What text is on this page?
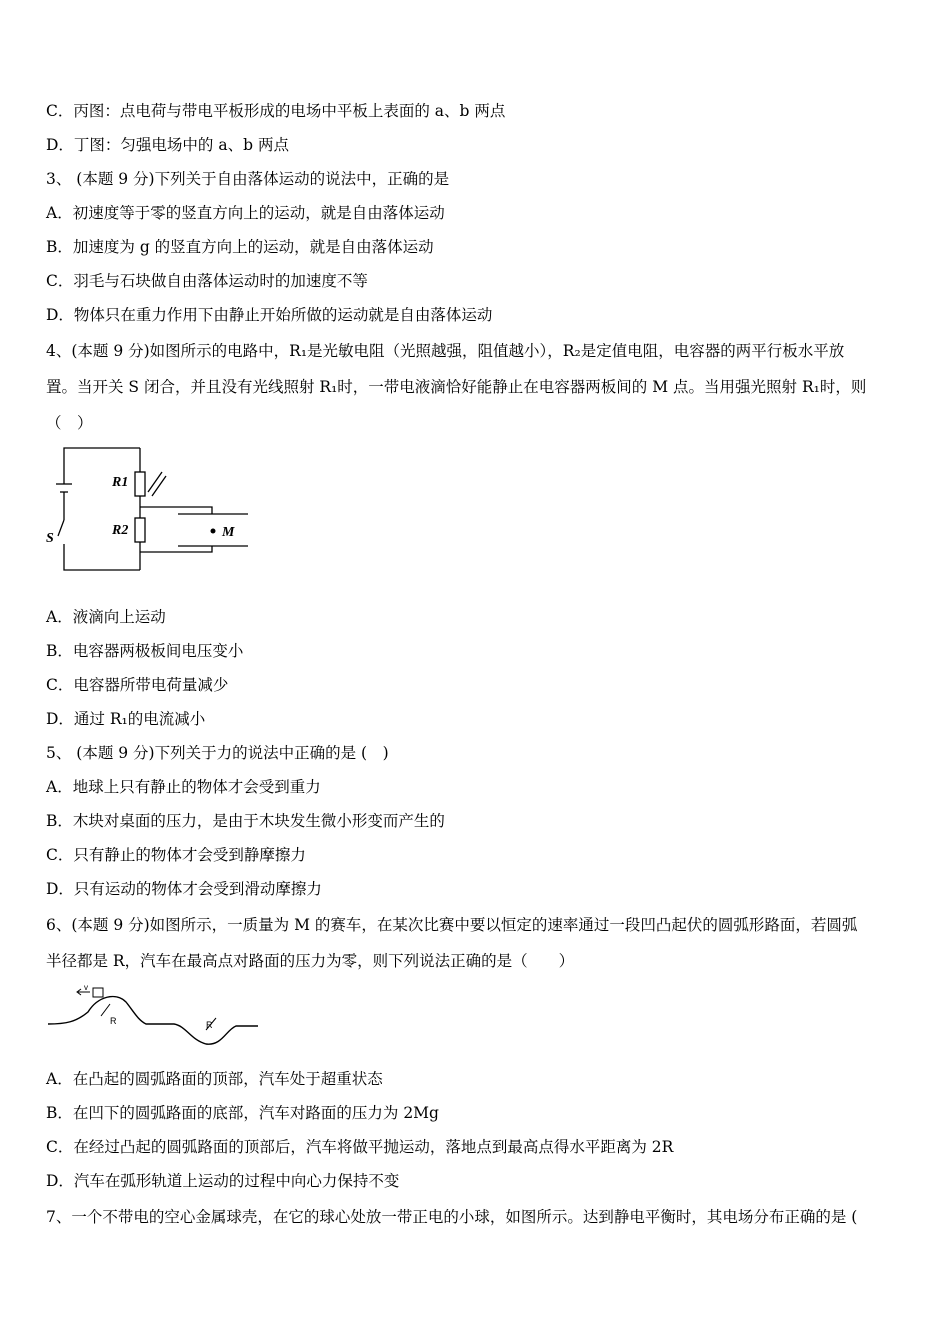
C．丙图：点电荷与带电平板形成的电场中平板上表面的 a、b 两点
D．丁图：匀强电场中的 a、b 两点
3、 (本题 9 分)下列关于自由落体运动的说法中，正确的是
A．初速度等于零的竖直方向上的运动，就是自由落体运动
B．加速度为 g 的竖直方向上的运动，就是自由落体运动
C．羽毛与石块做自由落体运动时的加速度不等
D．物体只在重力作用下由静止开始所做的运动就是自由落体运动
4、(本题 9 分)如图所示的电路中，R₁是光敏电阻（光照越强，阻值越小），R₂是定值电阻，电容器的两平行板水平放
置。当开关 S 闭合，并且没有光线照射 R₁时，一带电液滴恰好能静止在电容器两板间的 M 点。当用强光照射 R₁时，则
（　）
R1
R2
S	M
A．液滴向上运动
B．电容器两极板间电压变小
C．电容器所带电荷量减少
D．通过 R₁的电流减小
5、 (本题 9 分)下列关于力的说法中正确的是 (　)
A．地球上只有静止的物体才会受到重力
B．木块对桌面的压力，是由于木块发生微小形变而产生的
C．只有静止的物体才会受到静摩擦力
D．只有运动的物体才会受到滑动摩擦力
6、(本题 9 分)如图所示，一质量为 M 的赛车，在某次比赛中要以恒定的速率通过一段凹凸起伏的圆弧形路面，若圆弧
半径都是 R，汽车在最高点对路面的压力为零，则下列说法正确的是（　　）
v
R	R
A．在凸起的圆弧路面的顶部，汽车处于超重状态
B．在凹下的圆弧路面的底部，汽车对路面的压力为 2Mg
C．在经过凸起的圆弧路面的顶部后，汽车将做平抛运动，落地点到最高点得水平距离为 2R
D．汽车在弧形轨道上运动的过程中向心力保持不变
7、一个不带电的空心金属球壳，在它的球心处放一带正电的小球，如图所示。达到静电平衡时，其电场分布正确的是 (
